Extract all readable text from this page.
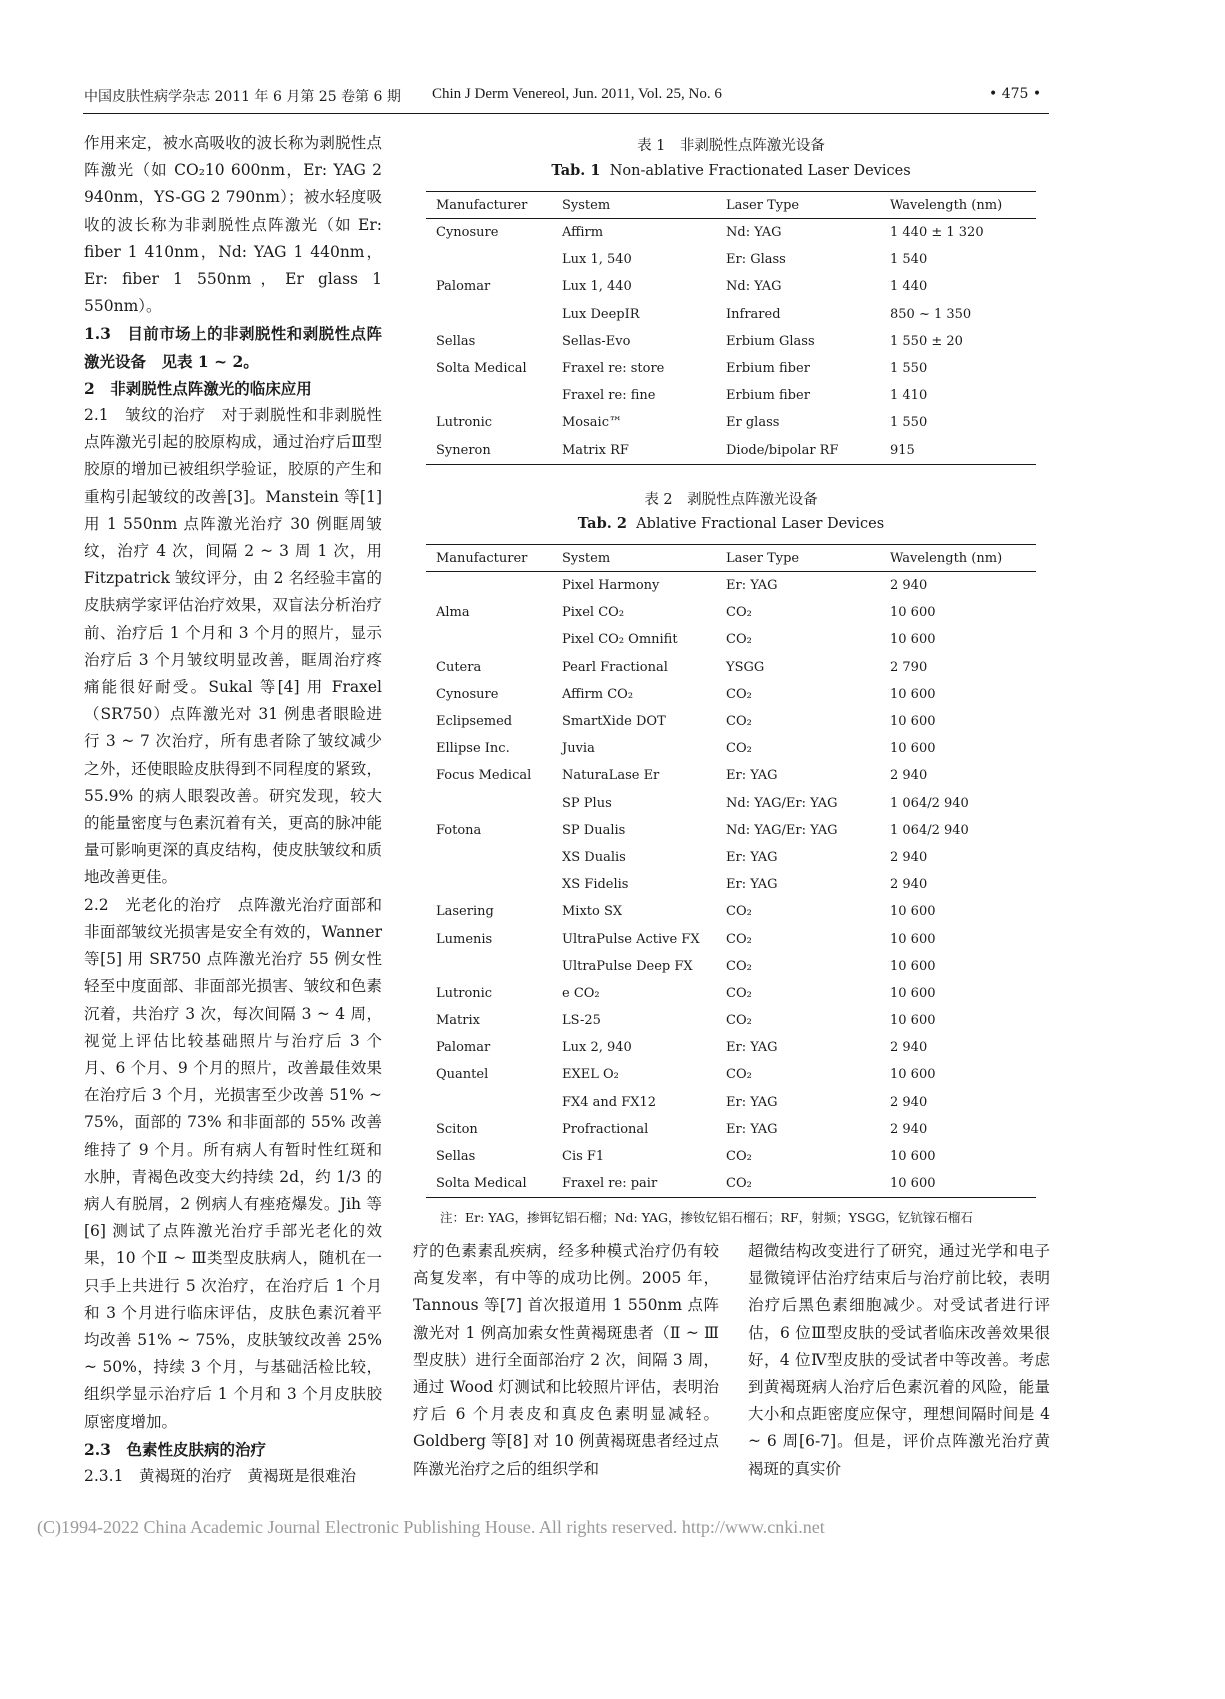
中国皮肤性病学杂志 2011 年 6 月第 25 卷第 6 期 Chin J Derm Venereol, Jun. 2011, Vol. 25, No. 6	• 475 •

作用来定，被水高吸收的波长称为剥脱性点阵激光（如 CO₂10 600nm，Er: YAG 2 940nm，YS-GG 2 790nm）；被水轻度吸收的波长称为非剥脱性点阵激光（如 Er: fiber 1 410nm，Nd: YAG 1 440nm，Er: fiber 1 550nm，Er glass 1 550nm）。

1.3　目前市场上的非剥脱性和剥脱性点阵激光设备　见表 1 ~ 2。

2　非剥脱性点阵激光的临床应用

2.1　皱纹的治疗　对于剥脱性和非剥脱性点阵激光引起的胶原构成，通过治疗后Ⅲ型胶原的增加已被组织学验证，胶原的产生和重构引起皱纹的改善[3]。Manstein 等[1] 用 1 550nm 点阵激光治疗 30 例眶周皱纹，治疗 4 次，间隔 2 ~ 3 周 1 次，用 Fitzpatrick 皱纹评分，由 2 名经验丰富的皮肤病学家评估治疗效果，双盲法分析治疗前、治疗后 1 个月和 3 个月的照片，显示治疗后 3 个月皱纹明显改善，眶周治疗疼痛能很好耐受。Sukal 等[4] 用 Fraxel（SR750）点阵激光对 31 例患者眼睑进行 3 ~ 7 次治疗，所有患者除了皱纹减少之外，还使眼睑皮肤得到不同程度的紧致，55.9% 的病人眼裂改善。研究发现，较大的能量密度与色素沉着有关，更高的脉冲能量可影响更深的真皮结构，使皮肤皱纹和质地改善更佳。

2.2　光老化的治疗　点阵激光治疗面部和非面部皱纹光损害是安全有效的，Wanner 等[5] 用 SR750 点阵激光治疗 55 例女性轻至中度面部、非面部光损害、皱纹和色素沉着，共治疗 3 次，每次间隔 3 ~ 4 周，视觉上评估比较基础照片与治疗后 3 个月、6 个月、9 个月的照片，改善最佳效果在治疗后 3 个月，光损害至少改善 51% ~ 75%，面部的 73% 和非面部的 55% 改善维持了 9 个月。所有病人有暂时性红斑和水肿，青褐色改变大约持续 2d，约 1/3 的病人有脱屑，2 例病人有痤疮爆发。Jih 等[6] 测试了点阵激光治疗手部光老化的效果，10 个Ⅱ ~ Ⅲ类型皮肤病人，随机在一只手上共进行 5 次治疗，在治疗后 1 个月和 3 个月进行临床评估，皮肤色素沉着平均改善 51% ~ 75%，皮肤皱纹改善 25% ~ 50%，持续 3 个月，与基础活检比较，组织学显示治疗后 1 个月和 3 个月皮肤胶原密度增加。

2.3　色素性皮肤病的治疗

2.3.1　黄褐斑的治疗　黄褐斑是很难治

表 1　非剥脱性点阵激光设备
Tab. 1 Non-ablative Fractionated Laser Devices
Manufacturer	System	Laser Type	Wavelength (nm)
Cynosure	Affirm	Nd: YAG	1 440 ± 1 320
	Lux 1, 540	Er: Glass	1 540
Palomar	Lux 1, 440	Nd: YAG	1 440
	Lux DeepIR	Infrared	850 ~ 1 350
Sellas	Sellas-Evo	Erbium Glass	1 550 ± 20
Solta Medical	Fraxel re: store	Erbium fiber	1 550
	Fraxel re: fine	Erbium fiber	1 410
Lutronic	Mosaic™	Er glass	1 550
Syneron	Matrix RF	Diode/bipolar RF	915
表 2　剥脱性点阵激光设备
Tab. 2 Ablative Fractional Laser Devices
Manufacturer	System	Laser Type	Wavelength (nm)
	Pixel Harmony	Er: YAG	2 940
Alma	Pixel CO₂	CO₂	10 600
	Pixel CO₂ Omnifit	CO₂	10 600
Cutera	Pearl Fractional	YSGG	2 790
Cynosure	Affirm CO₂	CO₂	10 600
Eclipsemed	SmartXide DOT	CO₂	10 600
Ellipse Inc.	Juvia	CO₂	10 600
Focus Medical	NaturaLase Er	Er: YAG	2 940
	SP Plus	Nd: YAG/Er: YAG	1 064/2 940
Fotona	SP Dualis	Nd: YAG/Er: YAG	1 064/2 940
	XS Dualis	Er: YAG	2 940
	XS Fidelis	Er: YAG	2 940
Lasering	Mixto SX	CO₂	10 600
Lumenis	UltraPulse Active FX	CO₂	10 600
	UltraPulse Deep FX	CO₂	10 600
Lutronic	e CO₂	CO₂	10 600
Matrix	LS-25	CO₂	10 600
Palomar	Lux 2, 940	Er: YAG	2 940
Quantel	EXEL O₂	CO₂	10 600
	FX4 and FX12	Er: YAG	2 940
Sciton	Profractional	Er: YAG	2 940
Sellas	Cis F1	CO₂	10 600
Solta Medical	Fraxel re: pair	CO₂	10 600
注：Er: YAG，掺铒钇铝石榴；Nd: YAG，掺钕钇铝石榴石；RF，射频；YSGG，钇钪镓石榴石

疗的色素素乱疾病，经多种模式治疗仍有较高复发率，有中等的成功比例。2005 年，Tannous 等[7] 首次报道用 1 550nm 点阵激光对 1 例高加索女性黄褐斑患者（Ⅱ ~ Ⅲ型皮肤）进行全面部治疗 2 次，间隔 3 周，通过 Wood 灯测试和比较照片评估，表明治疗后 6 个月表皮和真皮色素明显减轻。Goldberg 等[8] 对 10 例黄褐斑患者经过点阵激光治疗之后的组织学和

超微结构改变进行了研究，通过光学和电子显微镜评估治疗结束后与治疗前比较，表明治疗后黑色素细胞减少。对受试者进行评估，6 位Ⅲ型皮肤的受试者临床改善效果很好，4 位Ⅳ型皮肤的受试者中等改善。考虑到黄褐斑病人治疗后色素沉着的风险，能量大小和点距密度应保守，理想间隔时间是 4 ~ 6 周[6-7]。但是，评价点阵激光治疗黄褐斑的真实价

(C)1994-2022 China Academic Journal Electronic Publishing House. All rights reserved. http://www.cnki.net
